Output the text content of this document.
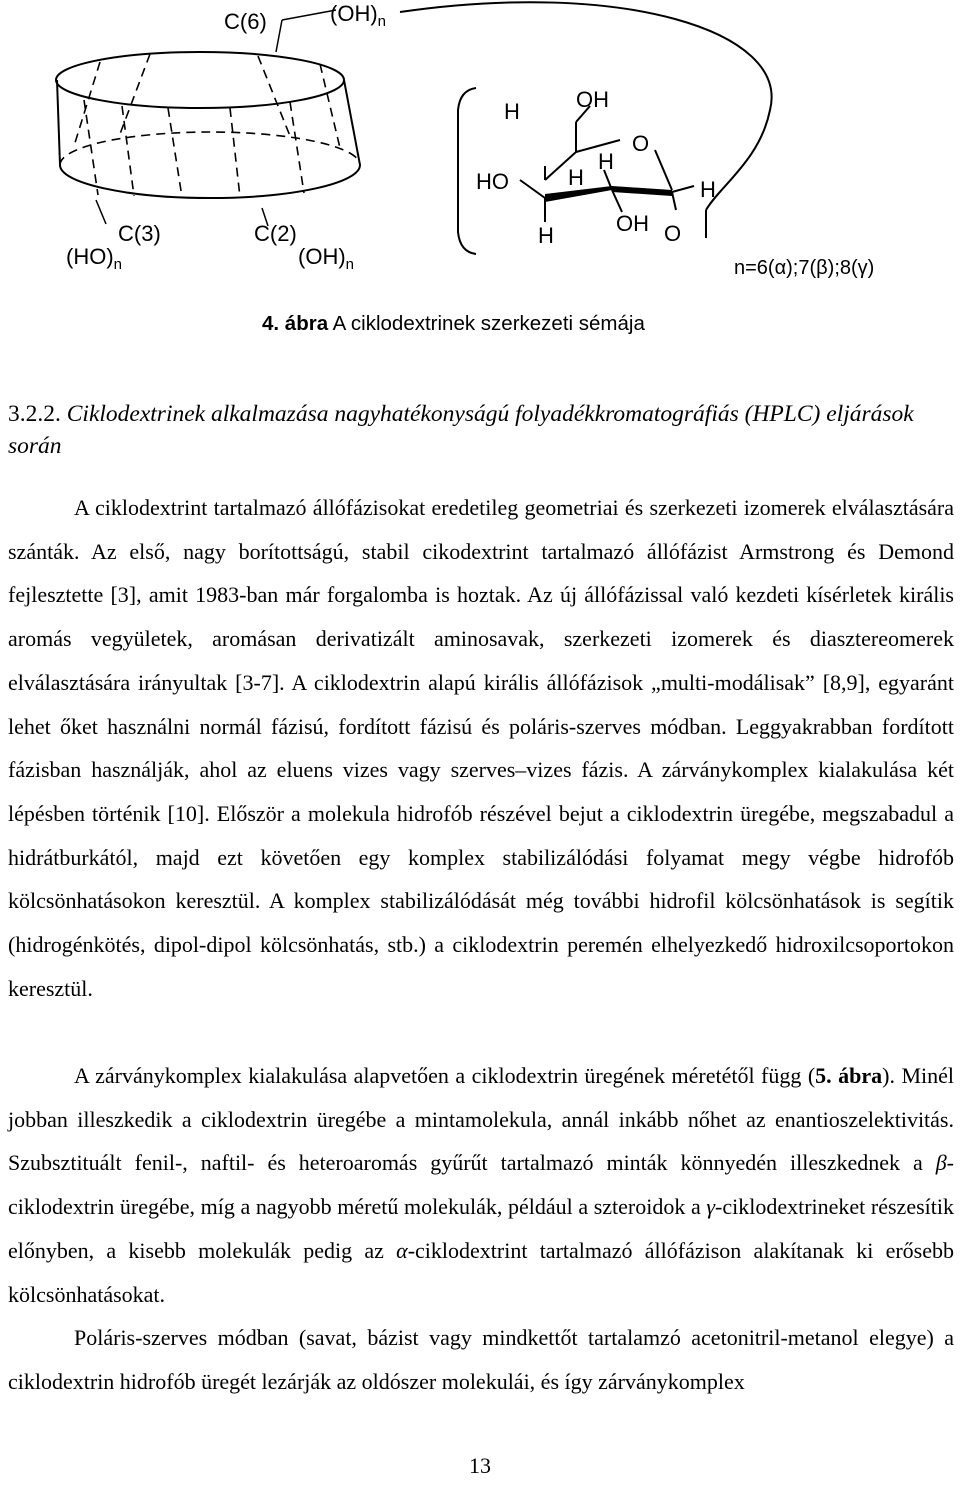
C(6)	$(OH)_n$
C(3)
$(HO)_n$
C(2)
$(OH)_n$
H	OH
O
H
HO	H	H
H	OH O
n=6(α);7(β);8(γ)
4. ábra A ciklodextrinek szerkezeti sémája
3.2.2. Ciklodextrinek alkalmazása nagyhatékonyságú folyadékkromatográfiás (HPLC) eljárások során
A ciklodextrint tartalmazó állófázisokat eredetileg geometriai és szerkezeti izomerek elválasztására szánták. Az első, nagy borítottságú, stabil cikodextrint tartalmazó állófázist Armstrong és Demond fejlesztette [3], amit 1983-ban már forgalomba is hoztak. Az új állófázissal való kezdeti kísérletek királis aromás vegyületek, aromásan derivatizált aminosavak, szerkezeti izomerek és diasztereomerek elválasztására irányultak [3-7]. A ciklodextrin alapú királis állófázisok „multi-modálisak” [8,9], egyaránt lehet őket használni normál fázisú, fordított fázisú és poláris-szerves módban. Leggyakrabban fordított fázisban használják, ahol az eluens vizes vagy szerves–vizes fázis. A zárványkomplex kialakulása két lépésben történik [10]. Először a molekula hidrofób részével bejut a ciklodextrin üregébe, megszabadul a hidrátburkától, majd ezt követően egy komplex stabilizálódási folyamat megy végbe hidrofób kölcsönhatásokon keresztül. A komplex stabilizálódását még további hidrofil kölcsönhatások is segítik (hidrogénkötés, dipol-dipol kölcsönhatás, stb.) a ciklodextrin peremén elhelyezkedő hidroxilcsoportokon keresztül.
A zárványkomplex kialakulása alapvetően a ciklodextrin üregének méretétől függ (5. ábra). Minél jobban illeszkedik a ciklodextrin üregébe a mintamolekula, annál inkább nőhet az enantioszelektivitás. Szubsztituált fenil-, naftil- és heteroaromás gyűrűt tartalmazó minták könnyedén illeszkednek a β-ciklodextrin üregébe, míg a nagyobb méretű molekulák, például a szteroidok a γ-ciklodextrineket részesítik előnyben, a kisebb molekulák pedig az α-ciklodextrint tartalmazó állófázison alakítanak ki erősebb kölcsönhatásokat.
Poláris-szerves módban (savat, bázist vagy mindkettőt tartalamzó acetonitril-metanol elegye) a ciklodextrin hidrofób üregét lezárják az oldószer molekulái, és így zárványkomplex
13
